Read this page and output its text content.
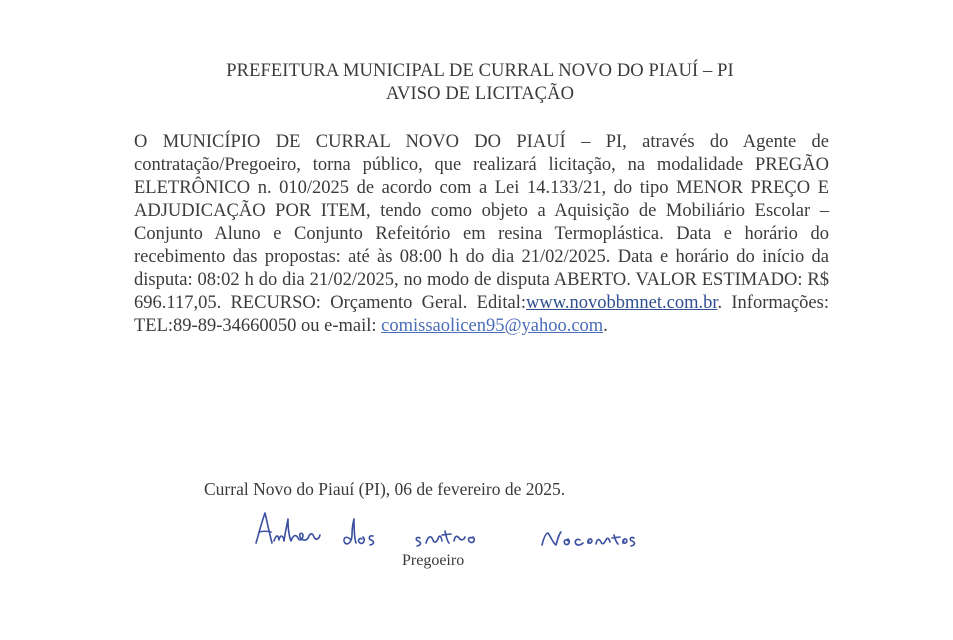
PREFEITURA MUNICIPAL DE CURRAL NOVO DO PIAUÍ – PI
AVISO DE LICITAÇÃO
O MUNICÍPIO DE CURRAL NOVO DO PIAUÍ – PI, através do Agente de contratação/Pregoeiro, torna público, que realizará licitação, na modalidade PREGÃO ELETRÔNICO n. 010/2025 de acordo com a Lei 14.133/21, do tipo MENOR PREÇO E ADJUDICAÇÃO POR ITEM, tendo como objeto a Aquisição de Mobiliário Escolar – Conjunto Aluno e Conjunto Refeitório em resina Termoplástica. Data e horário do recebimento das propostas: até às 08:00 h do dia 21/02/2025. Data e horário do início da disputa: 08:02 h do dia 21/02/2025, no modo de disputa ABERTO. VALOR ESTIMADO: R$ 696.117,05. RECURSO: Orçamento Geral. Edital:www.novobbmnet.com.br. Informações: TEL:89-89-34660050 ou e-mail: comissaolicen95@yahoo.com.
Curral Novo do Piauí (PI), 06 de fevereiro de 2025.
Pregoeiro
